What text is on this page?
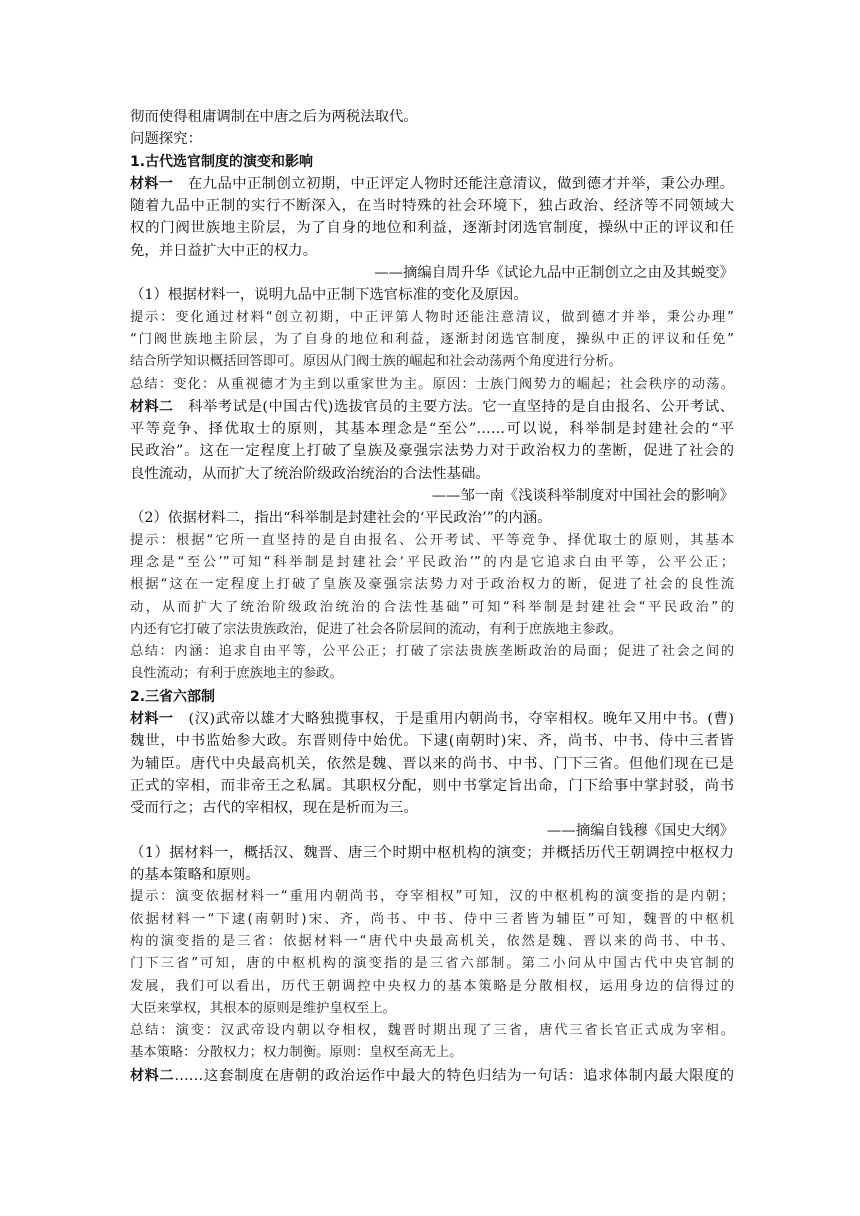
彻而使得租庸调制在中唐之后为两税法取代。
问题探究：
1.古代选官制度的演变和影响
材料一　在九品中正制创立初期，中正评定人物时还能注意清议，做到德才并举，秉公办理。
随着九品中正制的实行不断深入，在当时特殊的社会环境下，独占政治、经济等不同领域大
权的门阀世族地主阶层，为了自身的地位和利益，逐渐封闭选官制度，操纵中正的评议和任
免，并日益扩大中正的权力。
——摘编自周升华《试论九品中正制创立之由及其蜕变》
（1）根据材料一，说明九品中正制下选官标准的变化及原因。
提示：变化通过材料“创立初期，中正评第人物时还能注意清议，做到德才并举，秉公办理”
“门阀世族地主阶层，为了自身的地位和利益，逐渐封闭选官制度，操纵中正的评议和任免”
结合所学知识概括回答即可。原因从门阀士族的崛起和社会动荡两个角度进行分析。
总结：变化：从重视德才为主到以重家世为主。原因：士族门阀势力的崛起；社会秩序的动荡。
材料二　科举考试是(中国古代)选拔官员的主要方法。它一直坚持的是自由报名、公开考试、
平等竞争、择优取士的原则，其基本理念是“至公”……可以说，科举制是封建社会的“平
民政治”。这在一定程度上打破了皇族及豪强宗法势力对于政治权力的垄断，促进了社会的
良性流动，从而扩大了统治阶级政治统治的合法性基础。
——邹一南《浅谈科举制度对中国社会的影响》
（2）依据材料二，指出“科举制是封建社会的‘平民政治’”的内涵。
提示：根据“它所一直坚持的是自由报名、公开考试、平等竞争、择优取士的原则，其基本
理念是“至公’”可知“科举制是封建社会‘平民政治’”的内是它追求白由平等，公平公正；
根据“这在一定程度上打破了皇族及豪强宗法势力对于政治权力的断，促进了社会的良性流
动，从而扩大了统治阶级政治统治的合法性基础”可知“科举制是封建社会“平民政治”的
内还有它打破了宗法贵族政治，促进了社会各阶层间的流动，有利于庶族地主参政。
总结：内涵：追求自由平等，公平公正；打破了宗法贵族垄断政治的局面；促进了社会之间的
良性流动；有利于庶族地主的参政。
2.三省六部制
材料一　(汉)武帝以雄才大略独揽事权，于是重用内朝尚书，夺宰相权。晚年又用中书。(曹)
魏世，中书监始参大政。东晋则侍中始优。下逮(南朝时)宋、齐，尚书、中书、侍中三者皆
为辅臣。唐代中央最高机关，依然是魏、晋以来的尚书、中书、门下三省。但他们现在已是
正式的宰相，而非帝王之私属。其职权分配，则中书掌定旨出命，门下给事中掌封驳，尚书
受而行之；古代的宰相权，现在是析而为三。
——摘编自钱穆《国史大纲》
（1）据材料一，概括汉、魏晋、唐三个时期中枢机构的演变；并概括历代王朝调控中枢权力
的基本策略和原则。
提示：演变依据材料一“重用内朝尚书，夺宰相权”可知，汉的中枢机构的演变指的是内朝；
依据材料一“下逮(南朝时)宋、齐，尚书、中书、侍中三者皆为辅臣”可知，魏晋的中枢机
构的演变指的是三省：依据材料一“唐代中央最高机关，依然是魏、晋以来的尚书、中书、
门下三省”可知，唐的中枢机构的演变指的是三省六部制。第二小问从中国古代中央官制的
发展，我们可以看出，历代王朝调控中央权力的基本策略是分散相权，运用身边的信得过的
大臣来掌权，其根本的原则是维护皇权至上。
总结：演变：汉武帝设内朝以夺相权，魏晋时期出现了三省，唐代三省长官正式成为宰相。
基本策略：分散权力；权力制衡。原则：皇权至高无上。
材料二……这套制度在唐朝的政治运作中最大的特色归结为一句话：追求体制内最大限度的
